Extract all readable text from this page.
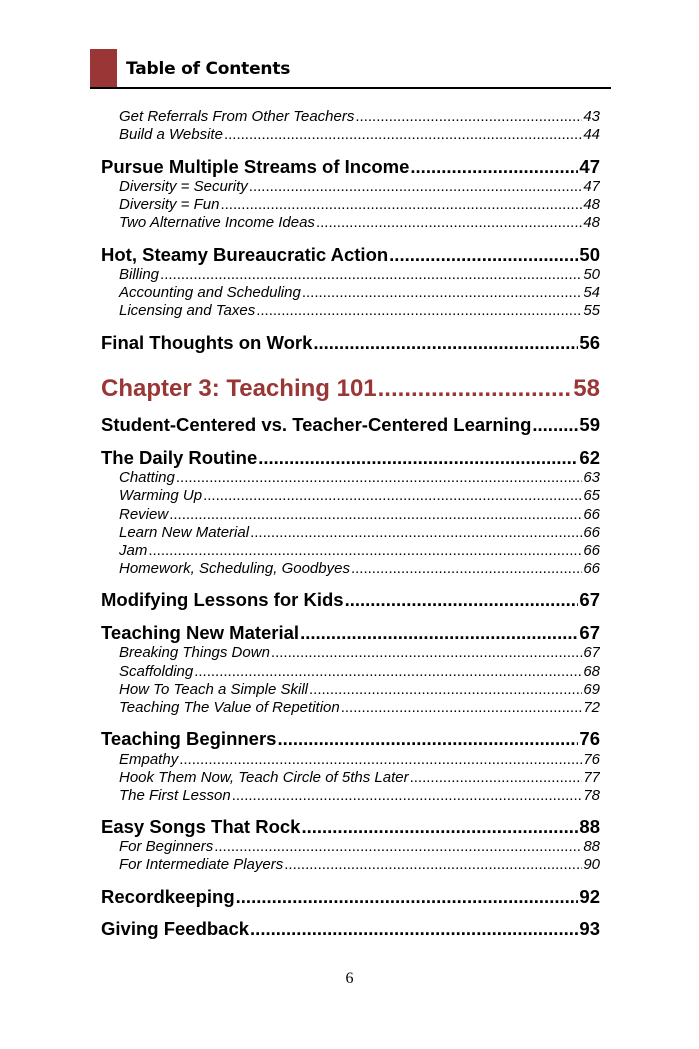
Table of Contents
Get Referrals From Other Teachers .....	43
Build a Website .....	44
Pursue Multiple Streams of Income .....	47
Diversity = Security .....	47
Diversity = Fun .....	48
Two Alternative Income Ideas .....	48
Hot, Steamy Bureaucratic Action .....	50
Billing .....	50
Accounting and Scheduling .....	54
Licensing and Taxes .....	55
Final Thoughts on Work .....	56
Chapter 3: Teaching 101 .....	58
Student-Centered vs. Teacher-Centered Learning .....	59
The Daily Routine .....	62
Chatting .....	63
Warming Up .....	65
Review .....	66
Learn New Material .....	66
Jam .....	66
Homework, Scheduling, Goodbyes .....	66
Modifying Lessons for Kids .....	67
Teaching New Material .....	67
Breaking Things Down .....	67
Scaffolding .....	68
How To Teach a Simple Skill .....	69
Teaching The Value of Repetition .....	72
Teaching Beginners .....	76
Empathy .....	76
Hook Them Now, Teach Circle of 5ths Later .....	77
The First Lesson .....	78
Easy Songs That Rock .....	88
For Beginners .....	88
For Intermediate Players .....	90
Recordkeeping .....	92
Giving Feedback .....	93
6
